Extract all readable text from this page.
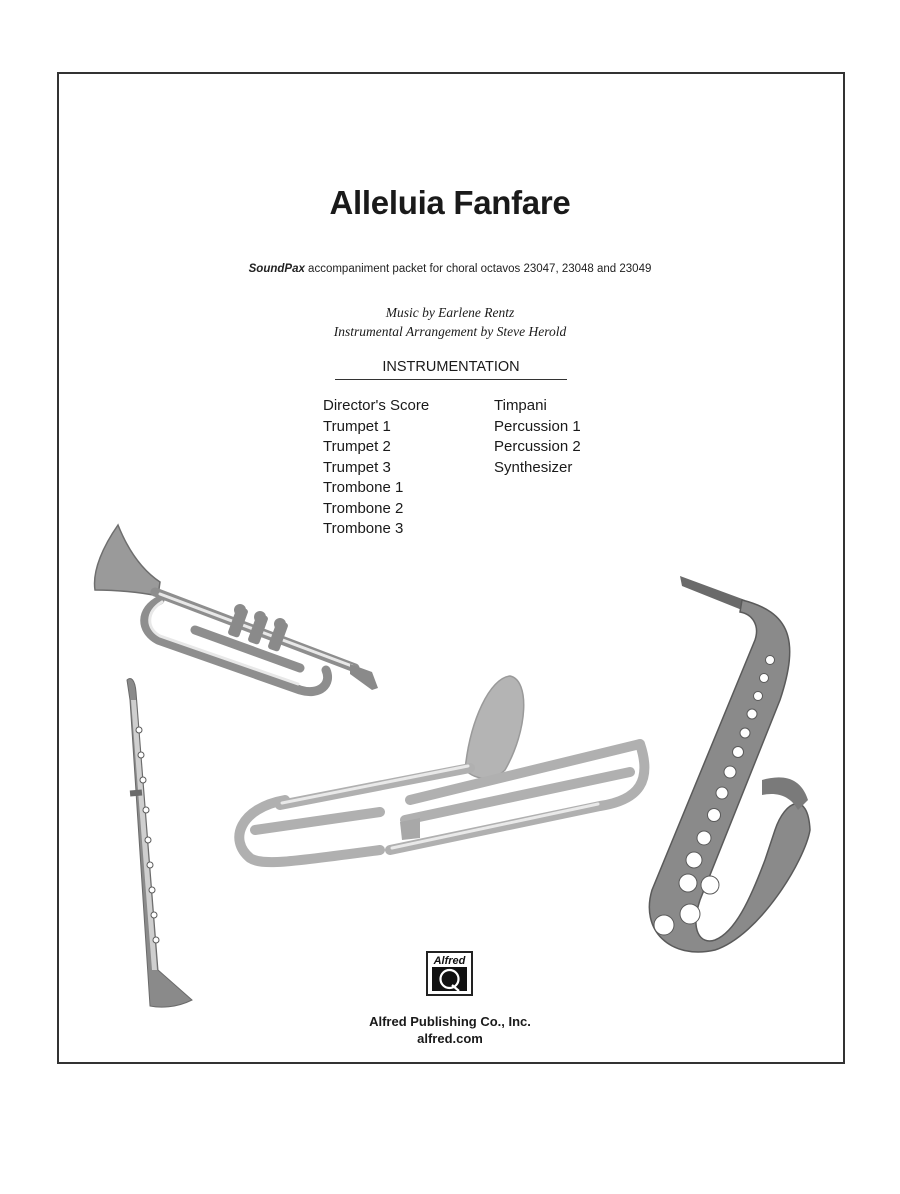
Alleluia Fanfare
SoundPax accompaniment packet for choral octavos 23047, 23048 and 23049
Music by Earlene Rentz
Instrumental Arrangement by Steve Herold
INSTRUMENTATION
Director's Score
Trumpet 1
Trumpet 2
Trumpet 3
Trombone 1
Trombone 2
Trombone 3
Timpani
Percussion 1
Percussion 2
Synthesizer
Alfred
Alfred Publishing Co., Inc.
alfred.com
